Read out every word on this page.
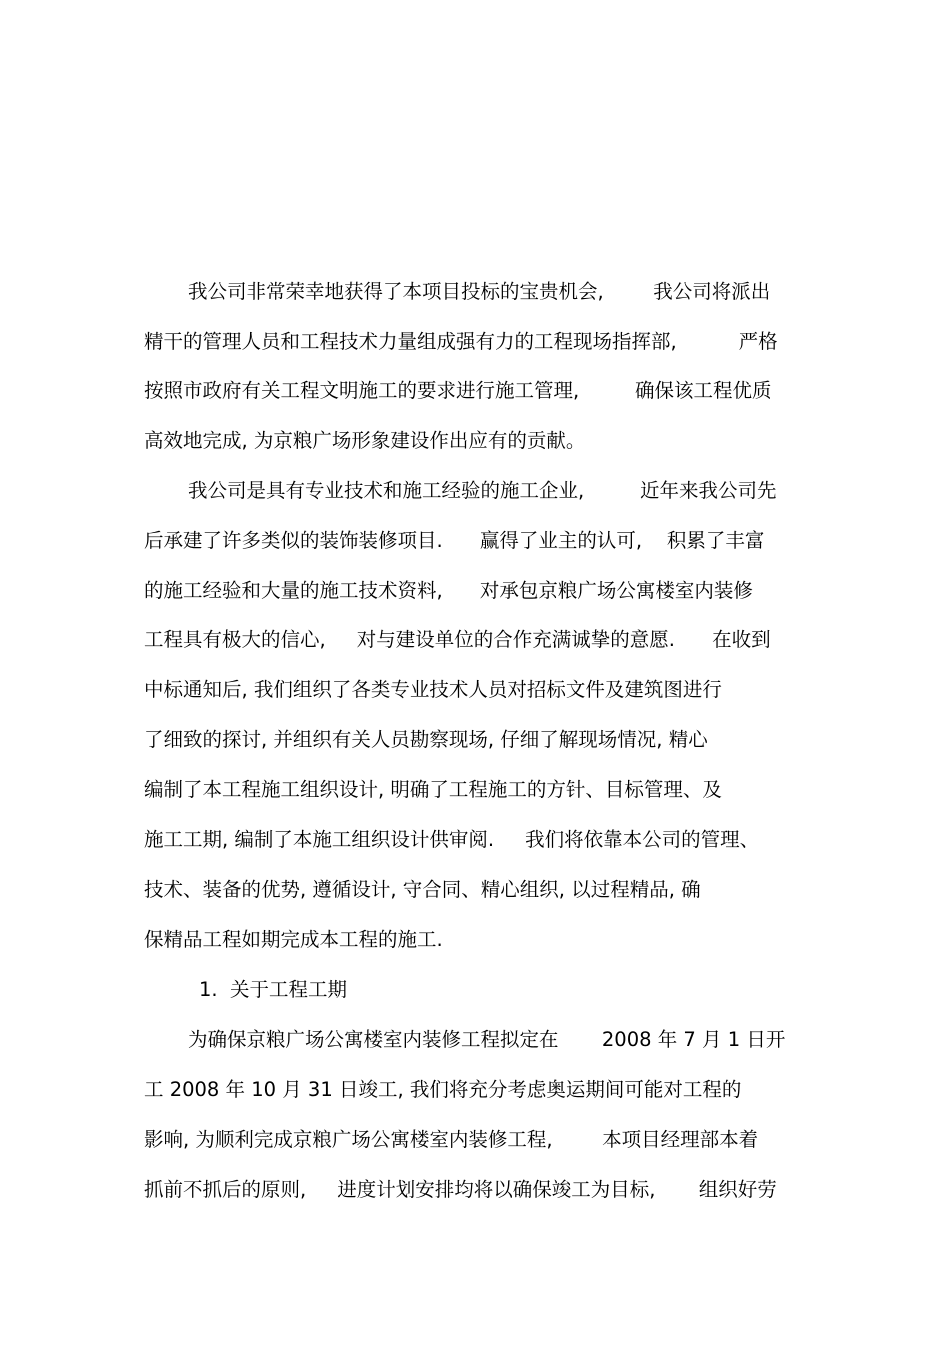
我公司非常荣幸地获得了本项目投标的宝贵机会,        我公司将派出
精干的管理人员和工程技术力量组成强有力的工程现场指挥部,          严格
按照市政府有关工程文明施工的要求进行施工管理,         确保该工程优质
高效地完成, 为京粮广场形象建设作出应有的贡献。
我公司是具有专业技术和施工经验的施工企业,         近年来我公司先
后承建了许多类似的装饰装修项目.      赢得了业主的认可,    积累了丰富
的施工经验和大量的施工技术资料,      对承包京粮广场公寓楼室内装修
工程具有极大的信心,     对与建设单位的合作充满诚挚的意愿.      在收到
中标通知后, 我们组织了各类专业技术人员对招标文件及建筑图进行
了细致的探讨, 并组织有关人员勘察现场, 仔细了解现场情况, 精心
编制了本工程施工组织设计, 明确了工程施工的方针、目标管理、及
施工工期, 编制了本施工组织设计供审阅.     我们将依靠本公司的管理、
技术、装备的优势, 遵循设计, 守合同、精心组织, 以过程精品, 确
保精品工程如期完成本工程的施工.
1.  关于工程工期
为确保京粮广场公寓楼室内装修工程拟定在       2008 年 7 月 1 日开
工 2008 年 10 月 31 日竣工, 我们将充分考虑奥运期间可能对工程的
影响, 为顺利完成京粮广场公寓楼室内装修工程,        本项目经理部本着
抓前不抓后的原则,     进度计划安排均将以确保竣工为目标,       组织好劳
